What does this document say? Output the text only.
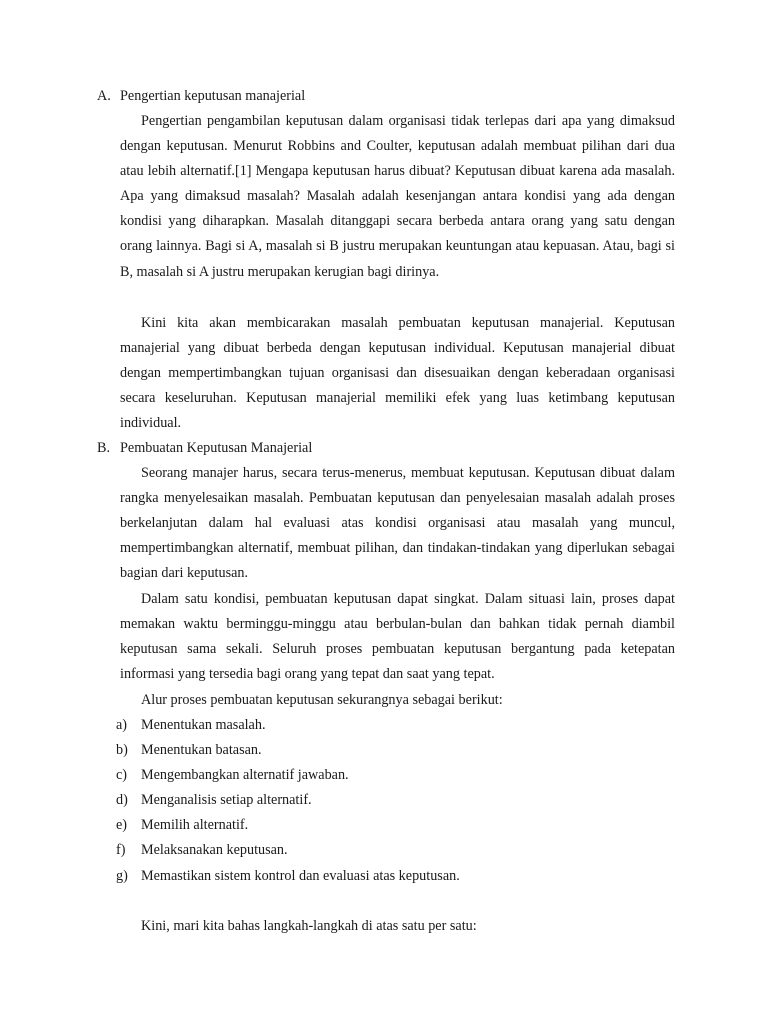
A. Pengertian keputusan manajerial

Pengertian pengambilan keputusan dalam organisasi tidak terlepas dari apa yang dimaksud dengan keputusan. Menurut Robbins and Coulter, keputusan adalah membuat pilihan dari dua atau lebih alternatif.[1] Mengapa keputusan harus dibuat? Keputusan dibuat karena ada masalah. Apa yang dimaksud masalah? Masalah adalah kesenjangan antara kondisi yang ada dengan kondisi yang diharapkan. Masalah ditanggapi secara berbeda antara orang yang satu dengan orang lainnya. Bagi si A, masalah si B justru merupakan keuntungan atau kepuasan. Atau, bagi si B, masalah si A justru merupakan kerugian bagi dirinya.

Kini kita akan membicarakan masalah pembuatan keputusan manajerial. Keputusan manajerial yang dibuat berbeda dengan keputusan individual. Keputusan manajerial dibuat dengan mempertimbangkan tujuan organisasi dan disesuaikan dengan keberadaan organisasi secara keseluruhan. Keputusan manajerial memiliki efek yang luas ketimbang keputusan individual.

B. Pembuatan Keputusan Manajerial

Seorang manajer harus, secara terus-menerus, membuat keputusan. Keputusan dibuat dalam rangka menyelesaikan masalah. Pembuatan keputusan dan penyelesaian masalah adalah proses berkelanjutan dalam hal evaluasi atas kondisi organisasi atau masalah yang muncul, mempertimbangkan alternatif, membuat pilihan, dan tindakan-tindakan yang diperlukan sebagai bagian dari keputusan.

Dalam satu kondisi, pembuatan keputusan dapat singkat. Dalam situasi lain, proses dapat memakan waktu berminggu-minggu atau berbulan-bulan dan bahkan tidak pernah diambil keputusan sama sekali. Seluruh proses pembuatan keputusan bergantung pada ketepatan informasi yang tersedia bagi orang yang tepat dan saat yang tepat.

Alur proses pembuatan keputusan sekurangnya sebagai berikut:
a) Menentukan masalah.
b) Menentukan batasan.
c) Mengembangkan alternatif jawaban.
d) Menganalisis setiap alternatif.
e) Memilih alternatif.
f) Melaksanakan keputusan.
g) Memastikan sistem kontrol dan evaluasi atas keputusan.
Kini, mari kita bahas langkah-langkah di atas satu per satu:
